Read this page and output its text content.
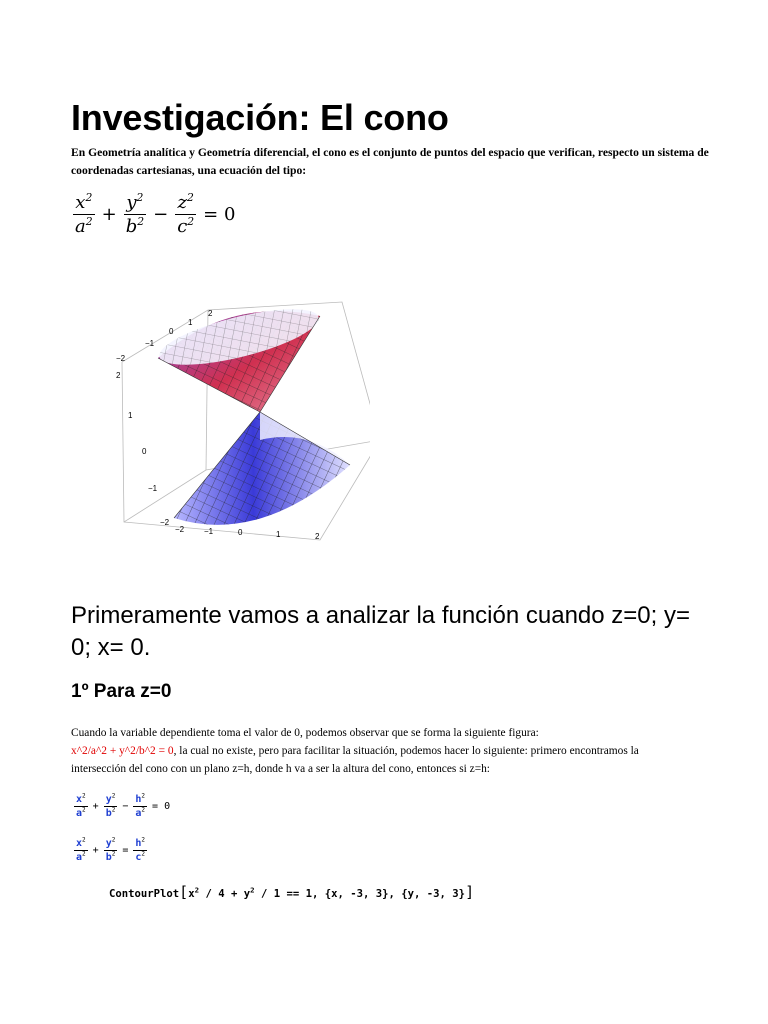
Investigación: El cono

En Geometría analítica y Geometría diferencial, el cono es el conjunto de puntos del espacio que verifican, respecto un sistema de coordenadas cartesianas, una ecuación del tipo:

$\frac{x^2}{a^2} + \frac{y^2}{b^2} - \frac{z^2}{c^2} = 0$
2
1
0
−1
−2
2
1
0
−1
−2
−2 −1	0	1	2
Primeramente vamos a analizar la función cuando z=0; y= 0; x= 0.
1º Para z=0

Cuando la variable dependiente toma el valor de 0, podemos observar que se forma la siguiente figura:
x^2/a^2 + y^2/b^2 = 0, la cual no existe, pero para facilitar la situación, podemos hacer lo siguiente: primero encontramos la intersección del cono con un plano z=h, donde h va a ser la altura del cono, entonces si z=h:

$\frac{x^2}{a^2} + \frac{y^2}{b^2} - \frac{h^2}{a^2} = 0$
$\frac{x^2}{a^2} + \frac{y^2}{b^2} = \frac{h^2}{c^2}$
$ContourPlot[x^2 / 4 + y^2 / 1 == 1$, {x, -3, 3}, {y, -3, 3}]
